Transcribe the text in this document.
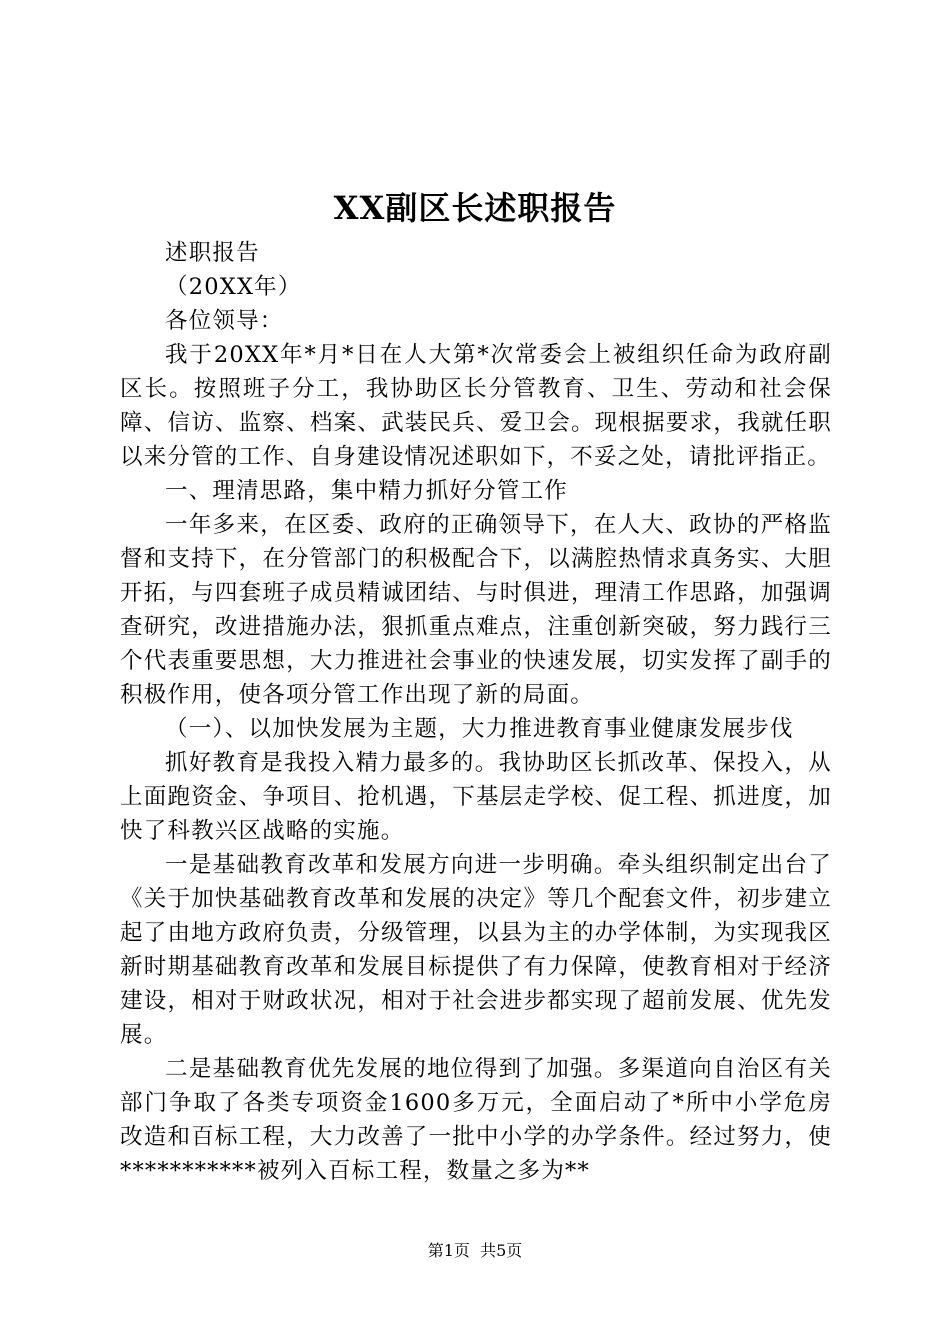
XX副区长述职报告

述职报告

（20XX年）

各位领导：

我于20XX年*月*日在人大第*次常委会上被组织任命为政府副区长。按照班子分工，我协助区长分管教育、卫生、劳动和社会保障、信访、监察、档案、武装民兵、爱卫会。现根据要求，我就任职以来分管的工作、自身建设情况述职如下，不妥之处，请批评指正。

一、理清思路，集中精力抓好分管工作

一年多来，在区委、政府的正确领导下，在人大、政协的严格监督和支持下，在分管部门的积极配合下，以满腔热情求真务实、大胆开拓，与四套班子成员精诚团结、与时俱进，理清工作思路，加强调查研究，改进措施办法，狠抓重点难点，注重创新突破，努力践行三个代表重要思想，大力推进社会事业的快速发展，切实发挥了副手的积极作用，使各项分管工作出现了新的局面。

（一）、以加快发展为主题，大力推进教育事业健康发展步伐

抓好教育是我投入精力最多的。我协助区长抓改革、保投入，从上面跑资金、争项目、抢机遇，下基层走学校、促工程、抓进度，加快了科教兴区战略的实施。

一是基础教育改革和发展方向进一步明确。牵头组织制定出台了《关于加快基础教育改革和发展的决定》等几个配套文件，初步建立起了由地方政府负责，分级管理，以县为主的办学体制，为实现我区新时期基础教育改革和发展目标提供了有力保障，使教育相对于经济建设，相对于财政状况，相对于社会进步都实现了超前发展、优先发展。

二是基础教育优先发展的地位得到了加强。多渠道向自治区有关部门争取了各类专项资金1600多万元，全面启动了*所中小学危房改造和百标工程，大力改善了一批中小学的办学条件。经过努力，使***********被列入百标工程，数量之多为**

第1页 共5页
